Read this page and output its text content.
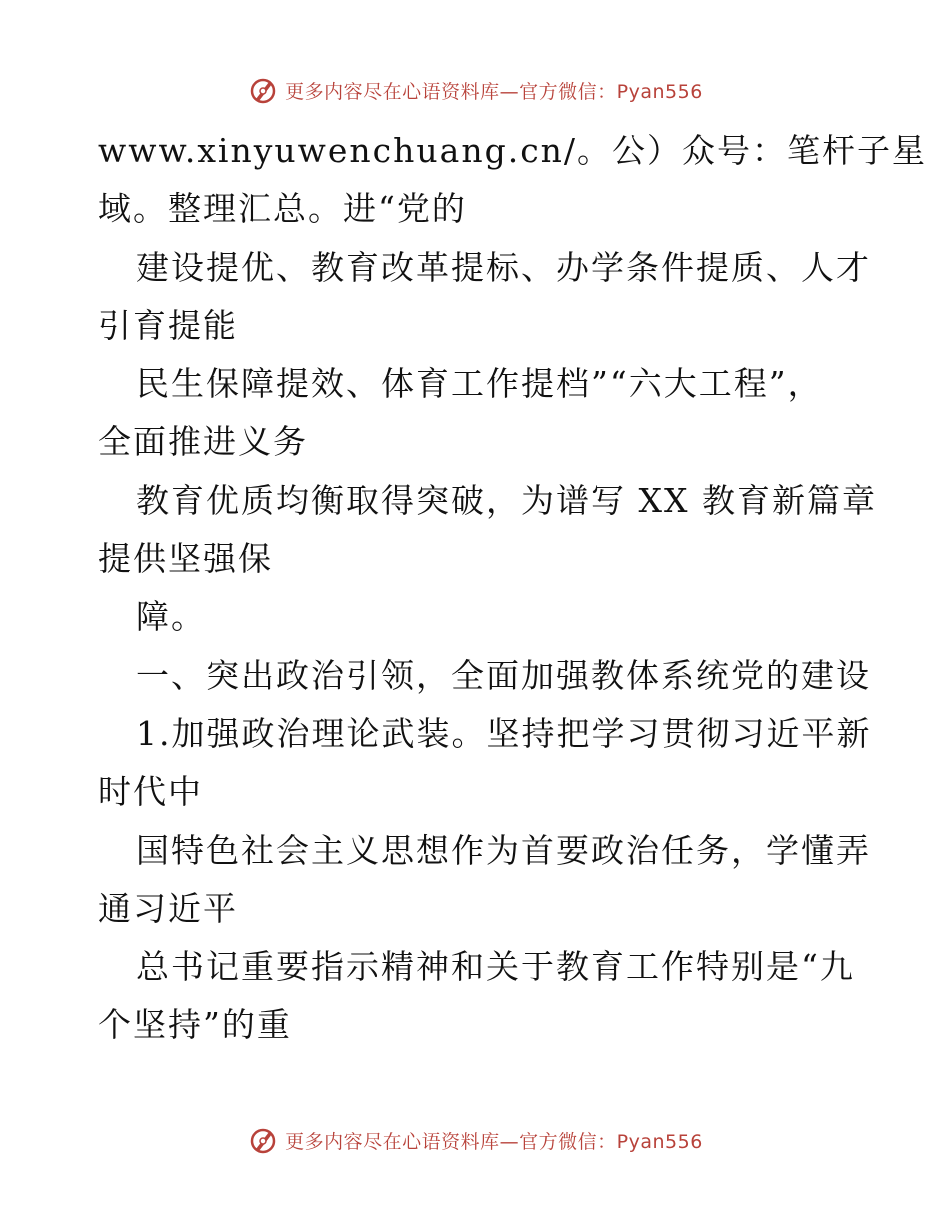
更多内容尽在心语资料库—官方微信：Pyan556
www.xinyuwenchuang.cn/。公）众号：笔杆子星
域。整理汇总。进“党的
建设提优、教育改革提标、办学条件提质、人才
引育提能
民生保障提效、体育工作提档”“六大工程”，
全面推进义务
教育优质均衡取得突破，为谱写 XX 教育新篇章
提供坚强保
障。
一、突出政治引领，全面加强教体系统党的建设
1.加强政治理论武装。坚持把学习贯彻习近平新
时代中
国特色社会主义思想作为首要政治任务，学懂弄
通习近平
总书记重要指示精神和关于教育工作特别是“九
个坚持”的重
更多内容尽在心语资料库—官方微信：Pyan556
